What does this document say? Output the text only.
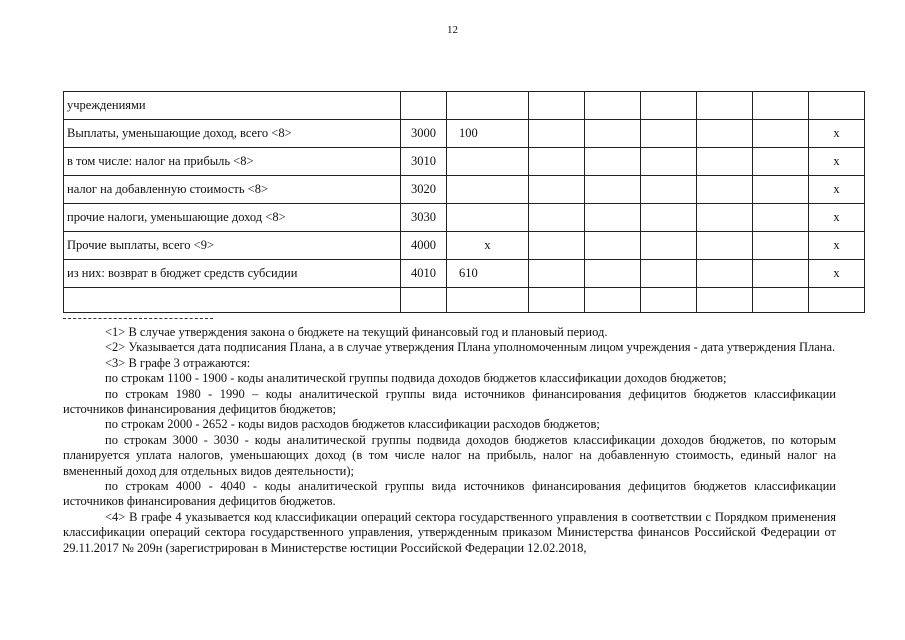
12
учреждениями								
Выплаты, уменьшающие доход, всего <8>	3000	100						x
в том числе: налог на прибыль <8>	3010							x
налог на добавленную стоимость <8>	3020							x
прочие налоги, уменьшающие доход <8>	3030							x
Прочие выплаты, всего <9>	4000	x						x
из них: возврат в бюджет средств субсидии	4010	610						x

<1> В случае утверждения закона о бюджете на текущий финансовый год и плановый период.

<2> Указывается дата подписания Плана, а в случае утверждения Плана уполномоченным лицом учреждения - дата утверждения Плана.

<3> В графе 3 отражаются:

по строкам 1100 - 1900 - коды аналитической группы подвида доходов бюджетов классификации доходов бюджетов;

по строкам 1980 - 1990 – коды аналитической группы вида источников финансирования дефицитов бюджетов классификации источников финансирования дефицитов бюджетов;

по строкам 2000 - 2652 - коды видов расходов бюджетов классификации расходов бюджетов;

по строкам 3000 - 3030 - коды аналитической группы подвида доходов бюджетов классификации доходов бюджетов, по которым планируется уплата налогов, уменьшающих доход (в том числе налог на прибыль, налог на добавленную стоимость, единый налог на вмененный доход для отдельных видов деятельности);

по строкам 4000 - 4040 - коды аналитической группы вида источников финансирования дефицитов бюджетов классификации источников финансирования дефицитов бюджетов.

<4> В графе 4 указывается код классификации операций сектора государственного управления в соответствии с Порядком применения классификации операций сектора государственного управления, утвержденным приказом Министерства финансов Российской Федерации от 29.11.2017 № 209н (зарегистрирован в Министерстве юстиции Российской Федерации 12.02.2018,
